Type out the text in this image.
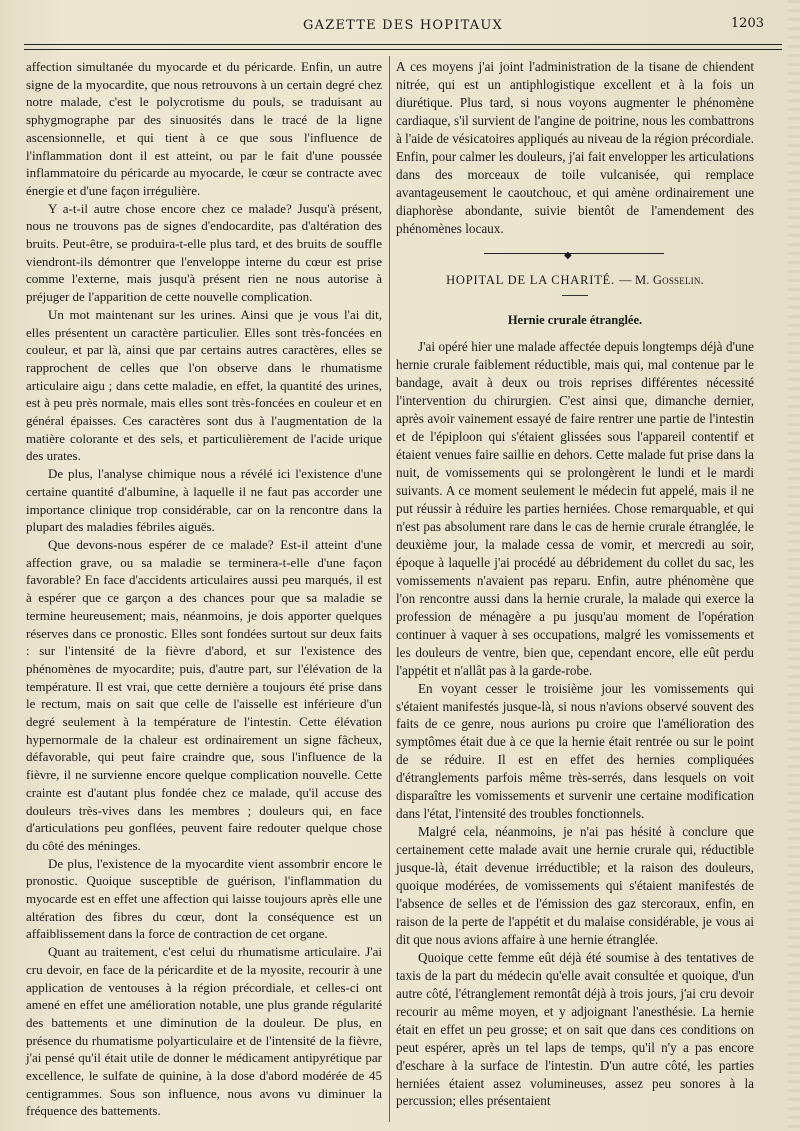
GAZETTE DES HOPITAUX	1203

affection simultanée du myocarde et du péricarde. Enfin, un autre signe de la myocardite, que nous retrouvons à un certain degré chez notre malade, c'est le polycrotisme du pouls, se traduisant au sphygmographe par des sinuosités dans le tracé de la ligne ascensionnelle, et qui tient à ce que sous l'influence de l'inflammation dont il est atteint, ou par le fait d'une poussée inflammatoire du péricarde au myocarde, le cœur se contracte avec énergie et d'une façon irrégulière.

Y a-t-il autre chose encore chez ce malade? Jusqu'à présent, nous ne trouvons pas de signes d'endocardite, pas d'altération des bruits. Peut-être, se produira-t-elle plus tard, et des bruits de souffle viendront-ils démontrer que l'enveloppe interne du cœur est prise comme l'externe, mais jusqu'à présent rien ne nous autorise à préjuger de l'apparition de cette nouvelle complication.

Un mot maintenant sur les urines. Ainsi que je vous l'ai dit, elles présentent un caractère particulier. Elles sont très-foncées en couleur, et par là, ainsi que par certains autres caractères, elles se rapprochent de celles que l'on observe dans le rhumatisme articulaire aigu ; dans cette maladie, en effet, la quantité des urines, est à peu près normale, mais elles sont très-foncées en couleur et en général épaisses. Ces caractères sont dus à l'augmentation de la matière colorante et des sels, et particulièrement de l'acide urique des urates.

De plus, l'analyse chimique nous a révélé ici l'existence d'une certaine quantité d'albumine, à laquelle il ne faut pas accorder une importance clinique trop considérable, car on la rencontre dans la plupart des maladies fébriles aiguës.

Que devons-nous espérer de ce malade? Est-il atteint d'une affection grave, ou sa maladie se terminera-t-elle d'une façon favorable? En face d'accidents articulaires aussi peu marqués, il est à espérer que ce garçon a des chances pour que sa maladie se termine heureusement; mais, néanmoins, je dois apporter quelques réserves dans ce pronostic. Elles sont fondées surtout sur deux faits : sur l'intensité de la fièvre d'abord, et sur l'existence des phénomènes de myocardite; puis, d'autre part, sur l'élévation de la température. Il est vrai, que cette dernière a toujours été prise dans le rectum, mais on sait que celle de l'aisselle est inférieure d'un degré seulement à la température de l'intestin. Cette élévation hypernormale de la chaleur est ordinairement un signe fâcheux, défavorable, qui peut faire craindre que, sous l'influence de la fièvre, il ne survienne encore quelque complication nouvelle. Cette crainte est d'autant plus fondée chez ce malade, qu'il accuse des douleurs très-vives dans les membres ; douleurs qui, en face d'articulations peu gonflées, peuvent faire redouter quelque chose du côté des méninges.

De plus, l'existence de la myocardite vient assombrir encore le pronostic. Quoique susceptible de guérison, l'inflammation du myocarde est en effet une affection qui laisse toujours après elle une altération des fibres du cœur, dont la conséquence est un affaiblissement dans la force de contraction de cet organe.

Quant au traitement, c'est celui du rhumatisme articulaire. J'ai cru devoir, en face de la péricardite et de la myosite, recourir à une application de ventouses à la région précordiale, et celles-ci ont amené en effet une amélioration notable, une plus grande régularité des battements et une diminution de la douleur. De plus, en présence du rhumatisme polyarticulaire et de l'intensité de la fièvre, j'ai pensé qu'il était utile de donner le médicament antipyrétique par excellence, le sulfate de quinine, à la dose d'abord modérée de 45 centigrammes. Sous son influence, nous avons vu diminuer la fréquence des battements.

A ces moyens j'ai joint l'administration de la tisane de chiendent nitrée, qui est un antiphlogistique excellent et à la fois un diurétique. Plus tard, si nous voyons augmenter le phénomène cardiaque, s'il survient de l'angine de poitrine, nous les combattrons à l'aide de vésicatoires appliqués au niveau de la région précordiale. Enfin, pour calmer les douleurs, j'ai fait envelopper les articulations dans des morceaux de toile vulcanisée, qui remplace avantageusement le caoutchouc, et qui amène ordinairement une diaphorèse abondante, suivie bientôt de l'amendement des phénomènes locaux.

◆
HOPITAL DE LA CHARITÉ. — M. Gosselin.
Hernie crurale étranglée.

J'ai opéré hier une malade affectée depuis longtemps déjà d'une hernie crurale faiblement réductible, mais qui, mal contenue par le bandage, avait à deux ou trois reprises différentes nécessité l'intervention du chirurgien. C'est ainsi que, dimanche dernier, après avoir vainement essayé de faire rentrer une partie de l'intestin et de l'épiploon qui s'étaient glissées sous l'appareil contentif et étaient venues faire saillie en dehors. Cette malade fut prise dans la nuit, de vomissements qui se prolongèrent le lundi et le mardi suivants. A ce moment seulement le médecin fut appelé, mais il ne put réussir à réduire les parties herniées. Chose remarquable, et qui n'est pas absolument rare dans le cas de hernie crurale étranglée, le deuxième jour, la malade cessa de vomir, et mercredi au soir, époque à laquelle j'ai procédé au débridement du collet du sac, les vomissements n'avaient pas reparu. Enfin, autre phénomène que l'on rencontre aussi dans la hernie crurale, la malade qui exerce la profession de ménagère a pu jusqu'au moment de l'opération continuer à vaquer à ses occupations, malgré les vomissements et les douleurs de ventre, bien que, cependant encore, elle eût perdu l'appétit et n'allât pas à la garde-robe.

En voyant cesser le troisième jour les vomissements qui s'étaient manifestés jusque-là, si nous n'avions observé souvent des faits de ce genre, nous aurions pu croire que l'amélioration des symptômes était due à ce que la hernie était rentrée ou sur le point de se réduire. Il est en effet des hernies compliquées d'étranglements parfois même très-serrés, dans lesquels on voit disparaître les vomissements et survenir une certaine modification dans l'état, l'intensité des troubles fonctionnels.

Malgré cela, néanmoins, je n'ai pas hésité à conclure que certainement cette malade avait une hernie crurale qui, réductible jusque-là, était devenue irréductible; et la raison des douleurs, quoique modérées, de vomissements qui s'étaient manifestés de l'absence de selles et de l'émission des gaz stercoraux, enfin, en raison de la perte de l'appétit et du malaise considérable, je vous ai dit que nous avions affaire à une hernie étranglée.

Quoique cette femme eût déjà été soumise à des tentatives de taxis de la part du médecin qu'elle avait consultée et quoique, d'un autre côté, l'étranglement remontât déjà à trois jours, j'ai cru devoir recourir au même moyen, et y adjoignant l'anesthésie. La hernie était en effet un peu grosse; et on sait que dans ces conditions on peut espérer, après un tel laps de temps, qu'il n'y a pas encore d'eschare à la surface de l'intestin. D'un autre côté, les parties herniées étaient assez volumineuses, assez peu sonores à la percussion; elles présentaient
